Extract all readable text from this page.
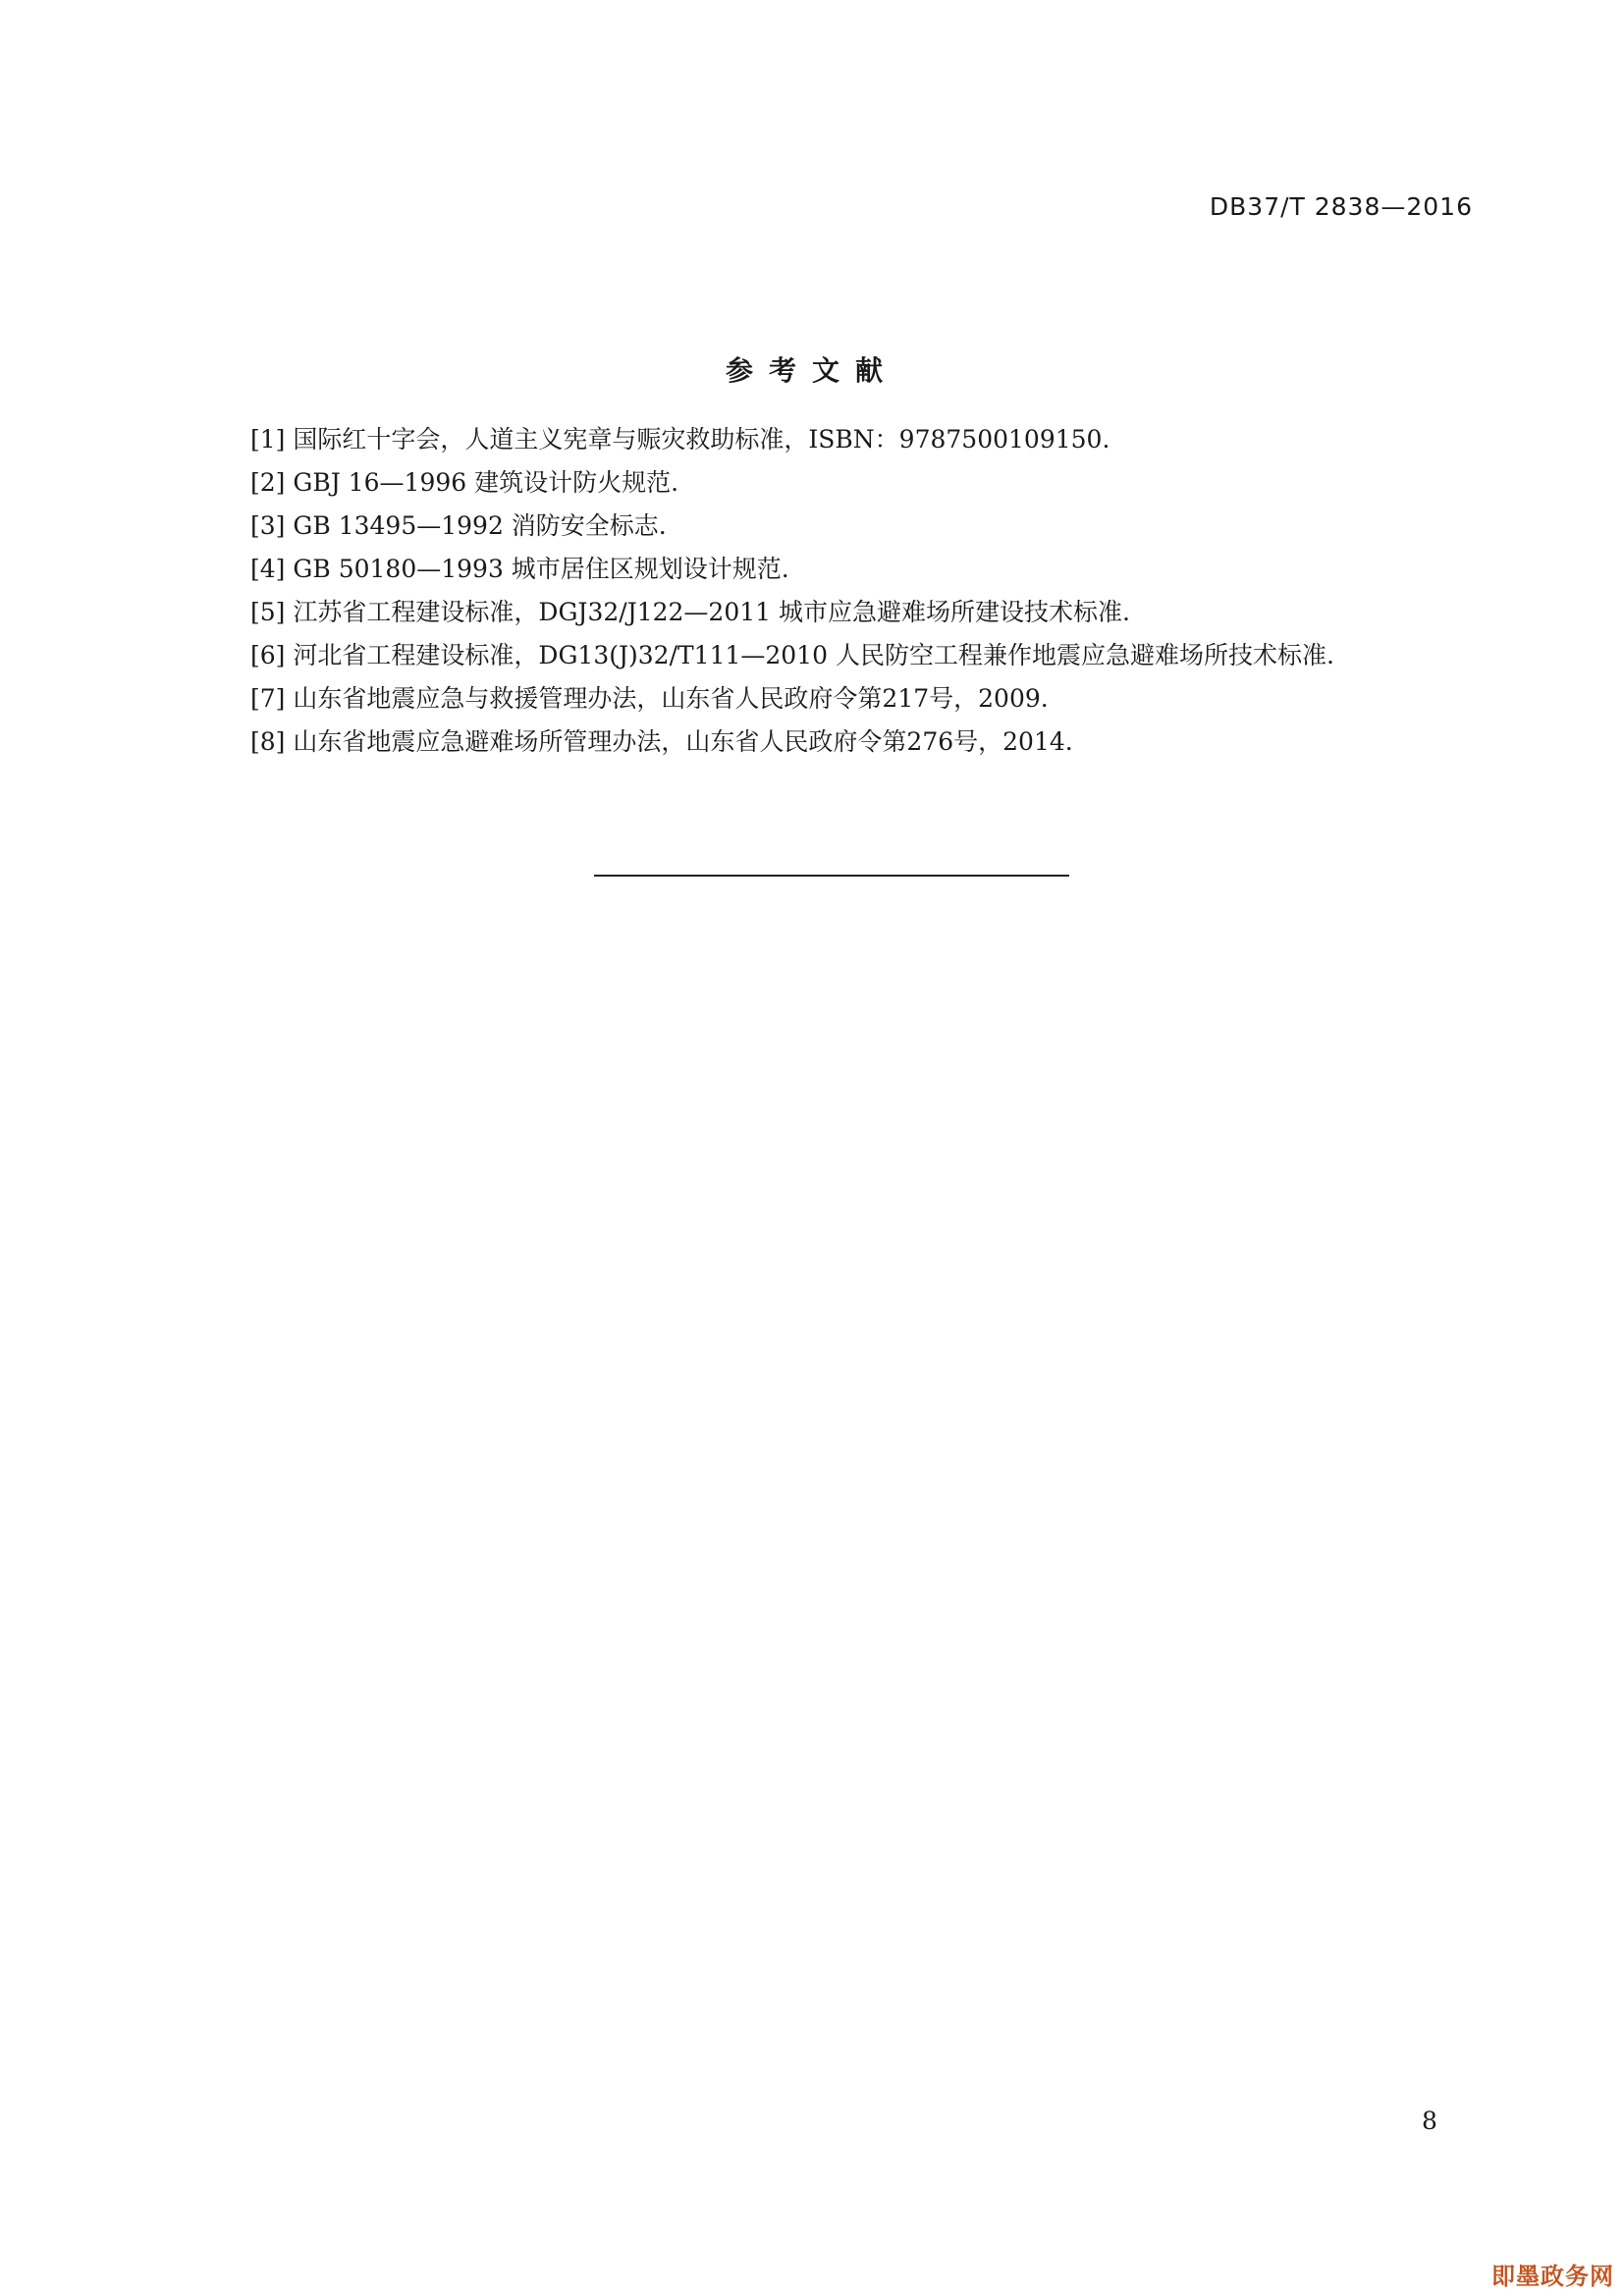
DB37/T 2838—2016
参考文献

[1] 国际红十字会，人道主义宪章与赈灾救助标准，ISBN：9787500109150.

[2] GBJ 16—1996 建筑设计防火规范.

[3] GB 13495—1992 消防安全标志.

[4] GB 50180—1993 城市居住区规划设计规范.

[5] 江苏省工程建设标准，DGJ32/J122—2011 城市应急避难场所建设技术标准.

[6] 河北省工程建设标准，DG13(J)32/T111—2010 人民防空工程兼作地震应急避难场所技术标准.

[7] 山东省地震应急与救援管理办法，山东省人民政府令第217号，2009.

[8] 山东省地震应急避难场所管理办法，山东省人民政府令第276号，2014.

8
即墨政务网
